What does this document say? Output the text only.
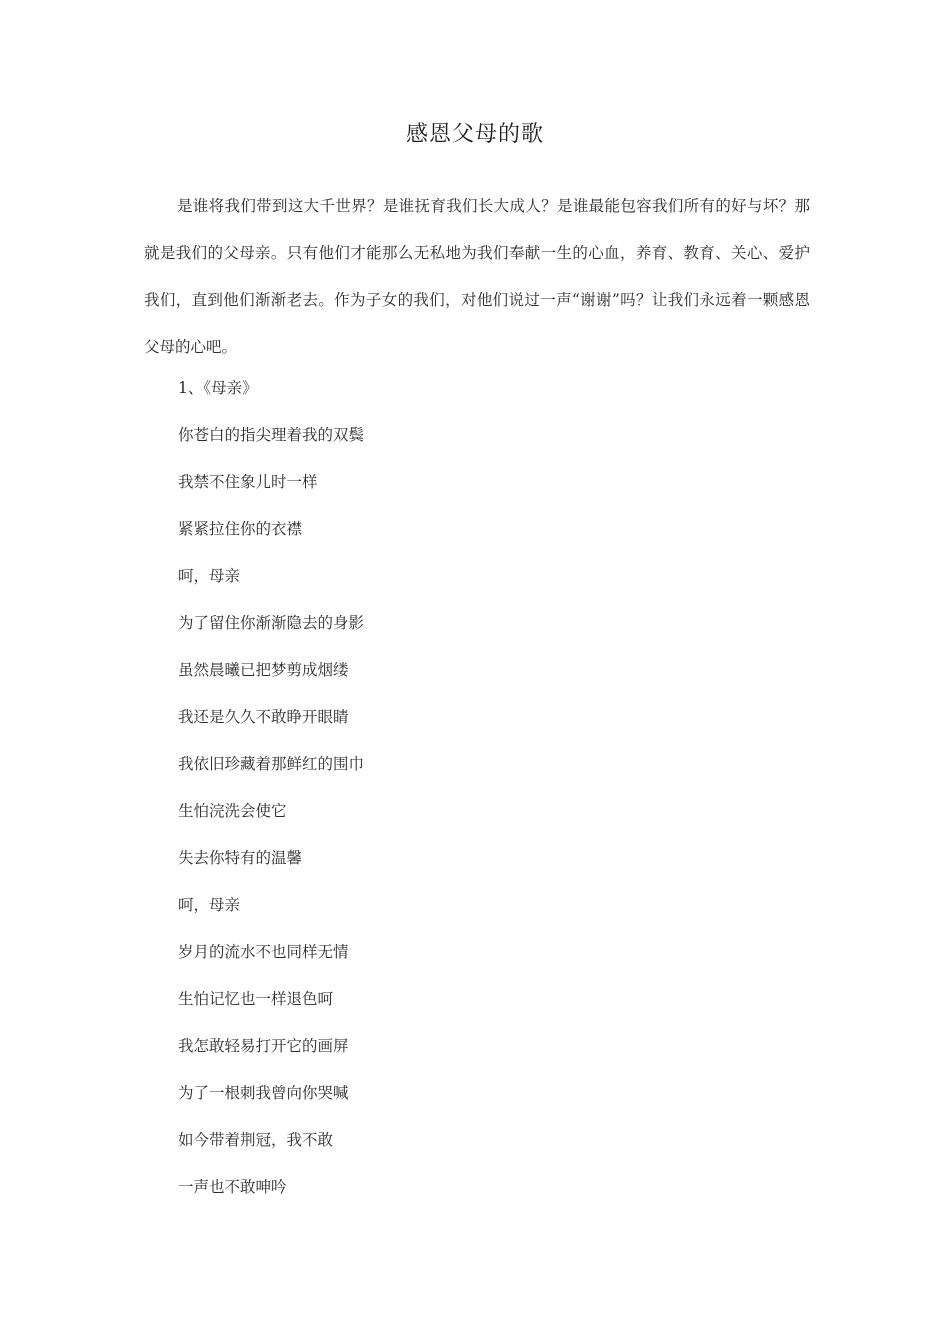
感恩父母的歌

是谁将我们带到这大千世界？是谁抚育我们长大成人？是谁最能包容我们所有的好与坏？那就是我们的父母亲。只有他们才能那么无私地为我们奉献一生的心血，养育、教育、关心、爱护我们，直到他们渐渐老去。作为子女的我们，对他们说过一声“谢谢”吗？让我们永远着一颗感恩父母的心吧。

1、《母亲》
你苍白的指尖理着我的双鬓
我禁不住象儿时一样
紧紧拉住你的衣襟
呵，母亲
为了留住你渐渐隐去的身影
虽然晨曦已把梦剪成烟缕
我还是久久不敢睁开眼睛
我依旧珍藏着那鲜红的围巾
生怕浣洗会使它
失去你特有的温馨
呵，母亲
岁月的流水不也同样无情
生怕记忆也一样退色呵
我怎敢轻易打开它的画屏
为了一根刺我曾向你哭喊
如今带着荆冠，我不敢
一声也不敢呻吟
